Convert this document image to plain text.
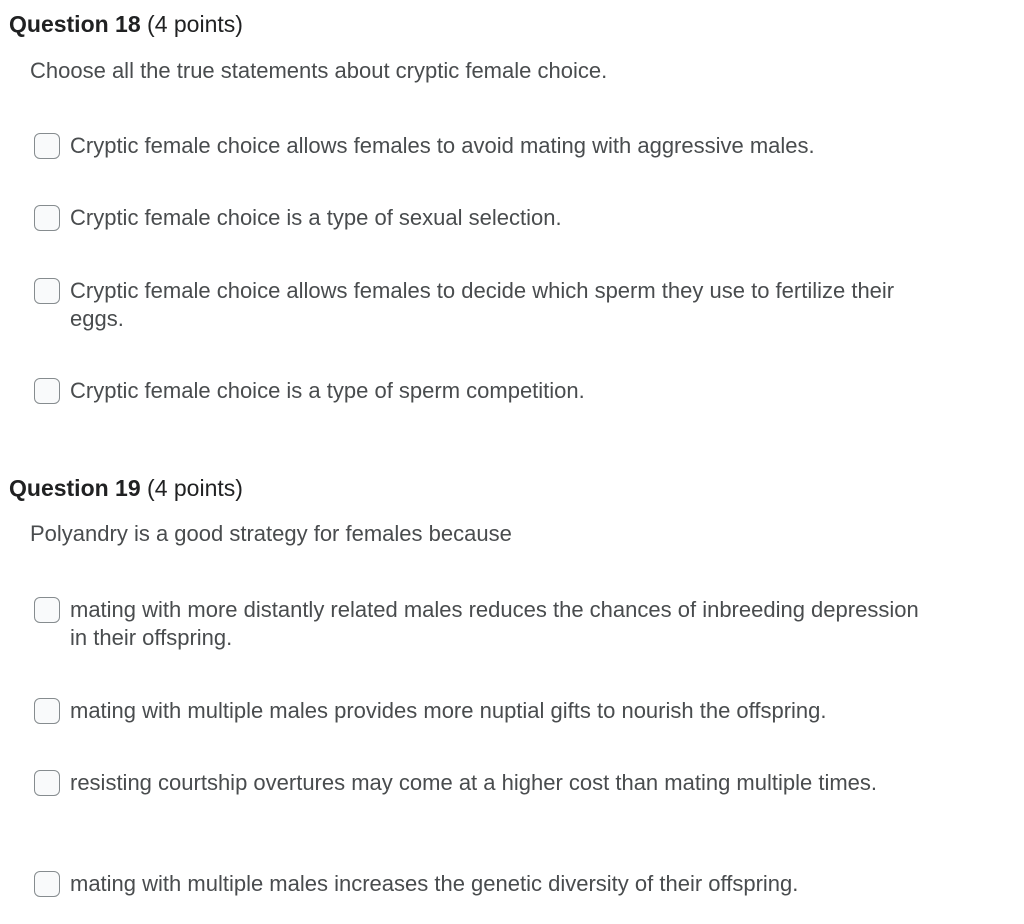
Question 18 (4 points)
Choose all the true statements about cryptic female choice.
Cryptic female choice allows females to avoid mating with aggressive males.
Cryptic female choice is a type of sexual selection.
Cryptic female choice allows females to decide which sperm they use to fertilize their eggs.
Cryptic female choice is a type of sperm competition.
Question 19 (4 points)
Polyandry is a good strategy for females because
mating with more distantly related males reduces the chances of inbreeding depression in their offspring.
mating with multiple males provides more nuptial gifts to nourish the offspring.
resisting courtship overtures may come at a higher cost than mating multiple times.
mating with multiple males increases the genetic diversity of their offspring.
